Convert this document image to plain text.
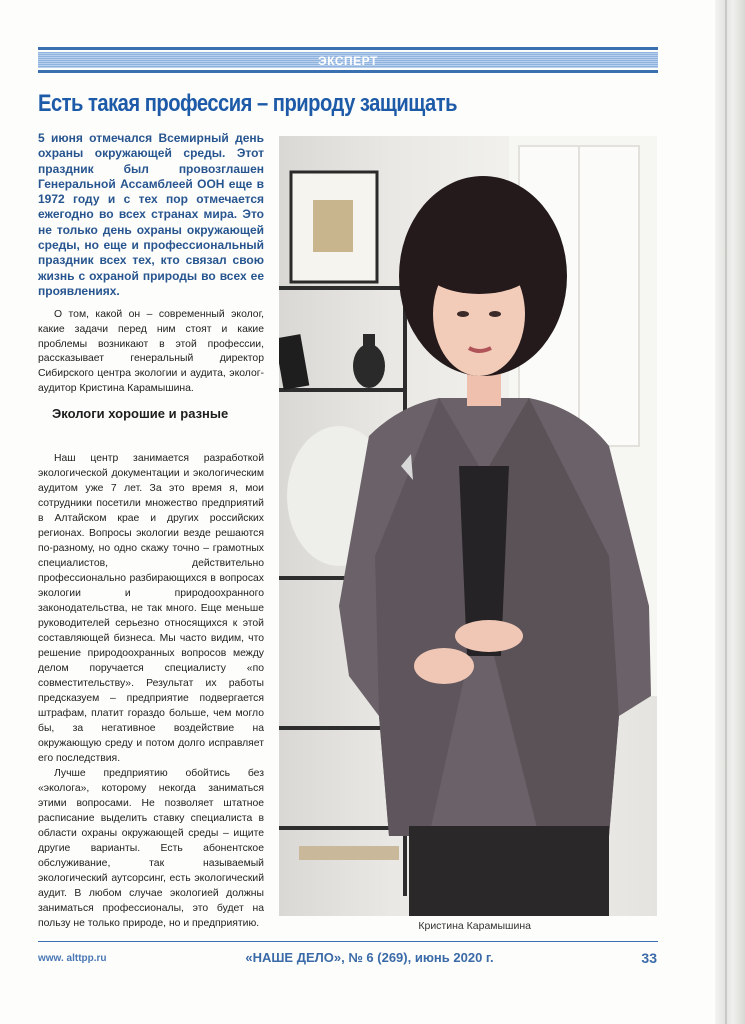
ЭКСПЕРТ
Есть такая профессия – природу защищать

5 июня отмечался Всемирный день охраны окружающей среды. Этот праздник был провозглашен Генеральной Ассамблеей ООН еще в 1972 году и с тех пор отмечается ежегодно во всех странах мира. Это не только день охраны окружающей среды, но еще и профессиональный праздник всех тех, кто связал свою жизнь с охраной природы во всех ее проявлениях.

О том, какой он – современный эколог, какие задачи перед ним стоят и какие проблемы возникают в этой профессии, рассказывает генеральный директор Сибирского центра экологии и аудита, эколог-аудитор Кристина Карамышина.

Экологи хорошие и разные

Наш центр занимается разработкой экологической документации и экологическим аудитом уже 7 лет. За это время я, мои сотрудники посетили множество предприятий в Алтайском крае и других российских регионах. Вопросы экологии везде решаются по-разному, но одно скажу точно – грамотных специалистов, действительно профессионально разбирающихся в вопросах экологии и природоохранного законодательства, не так много. Еще меньше руководителей серьезно относящихся к этой составляющей бизнеса. Мы часто видим, что решение природоохранных вопросов между делом поручается специалисту «по совместительству». Результат их работы предсказуем – предприятие подвергается штрафам, платит гораздо больше, чем могло бы, за негативное воздействие на окружающую среду и потом долго исправляет его последствия.

Лучше предприятию обойтись без «эколога», которому некогда заниматься этими вопросами. Не позволяет штатное расписание выделить ставку специалиста в области охраны окружающей среды – ищите другие варианты. Есть абонентское обслуживание, так называемый экологический аутсорсинг, есть экологический аудит. В любом случае экологией должны заниматься профессионалы, это будет на пользу не только природе, но и предприятию.	Кристина Карамышина

www. alttpp.ru	«НАШЕ ДЕЛО», № 6 (269), июнь 2020 г.	33
